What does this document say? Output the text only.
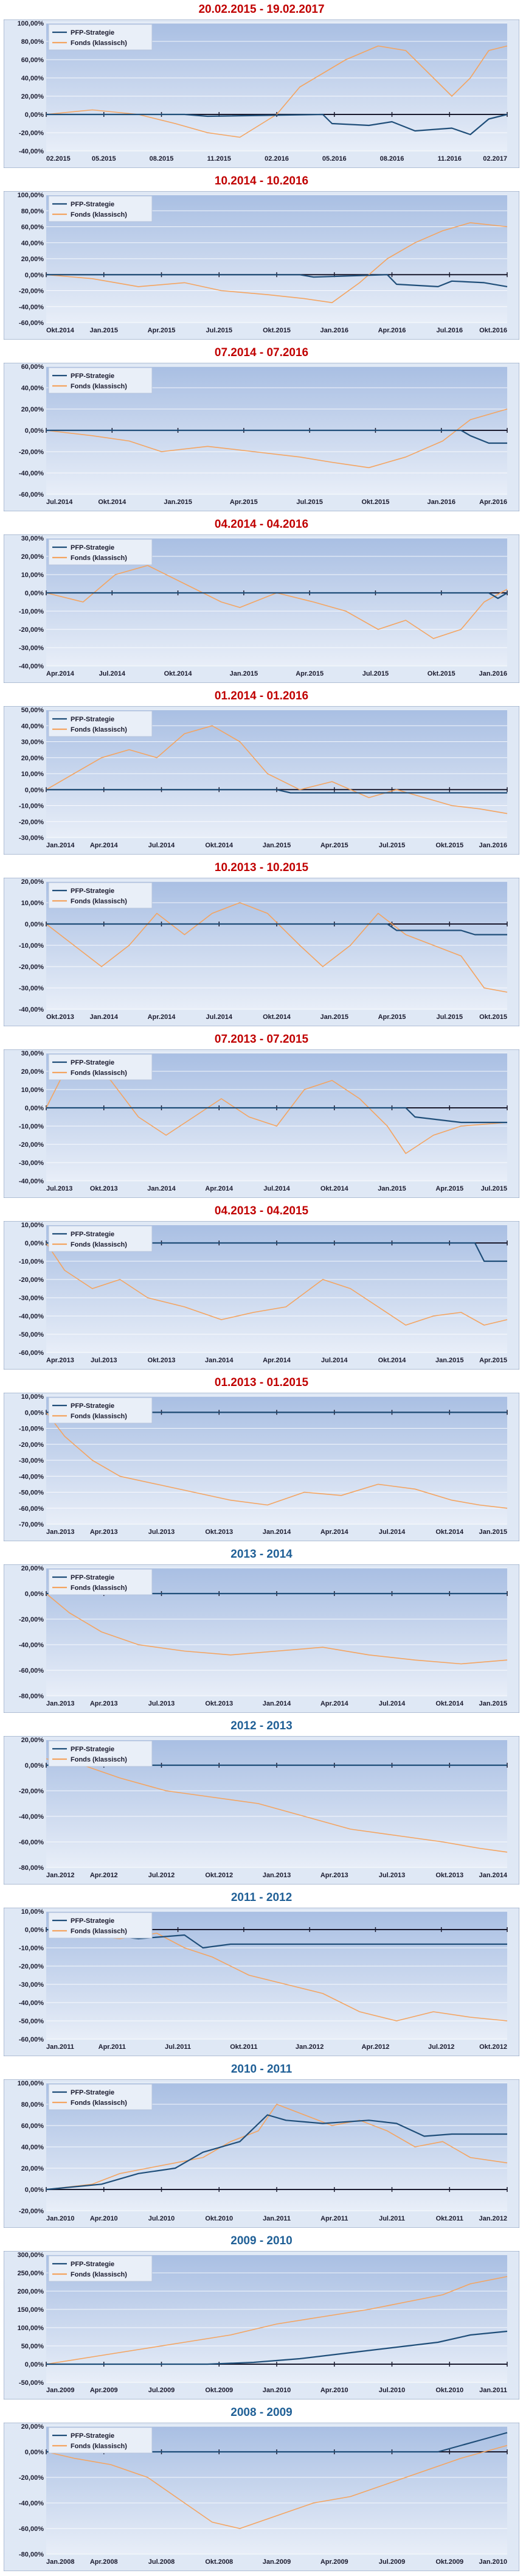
20.02.2015 - 19.02.2017
-40,00%
-20,00%
0,00%
20,00%
40,00%
60,00%
80,00%
100,00%
02.2015	05.2015	08.2015	11.2015	02.2016	05.2016	08.2016	11.2016	02.2017
PFP-Strategie
Fonds (klassisch)
10.2014 - 10.2016
-60,00%
-40,00%
-20,00%
0,00%
20,00%
40,00%
60,00%
80,00%
100,00%
Okt.2014 Jan.2015	Apr.2015	Jul.2015	Okt.2015	Jan.2016	Apr.2016	Jul.2016 Okt.2016
PFP-Strategie
Fonds (klassisch)
07.2014 - 07.2016
-60,00%
-40,00%
-20,00%
0,00%
20,00%
40,00%
60,00%
Jul.2014	Okt.2014	Jan.2015	Apr.2015	Jul.2015	Okt.2015	Jan.2016	Apr.2016
PFP-Strategie
Fonds (klassisch)
04.2014 - 04.2016
-40,00%
-30,00%
-20,00%
-10,00%
0,00%
10,00%
20,00%
30,00%
Apr.2014	Jul.2014	Okt.2014	Jan.2015	Apr.2015	Jul.2015	Okt.2015	Jan.2016
PFP-Strategie
Fonds (klassisch)
01.2014 - 01.2016
-30,00%
-20,00%
-10,00%
0,00%
10,00%
20,00%
30,00%
40,00%
50,00%
Jan.2014 Apr.2014	Jul.2014	Okt.2014	Jan.2015	Apr.2015	Jul.2015	Okt.2015 Jan.2016
PFP-Strategie
Fonds (klassisch)
10.2013 - 10.2015
-40,00%
-30,00%
-20,00%
-10,00%
0,00%
10,00%
20,00%
Okt.2013 Jan.2014	Apr.2014	Jul.2014	Okt.2014	Jan.2015	Apr.2015	Jul.2015 Okt.2015
PFP-Strategie
Fonds (klassisch)
07.2013 - 07.2015
-40,00%
-30,00%
-20,00%
-10,00%
0,00%
10,00%
20,00%
30,00%
Jul.2013	Okt.2013	Jan.2014	Apr.2014	Jul.2014	Okt.2014	Jan.2015	Apr.2015	Jul.2015
PFP-Strategie
Fonds (klassisch)
04.2013 - 04.2015
-60,00%
-50,00%
-40,00%
-30,00%
-20,00%
-10,00%
0,00%
10,00%
Apr.2013 Jul.2013	Okt.2013	Jan.2014	Apr.2014	Jul.2014	Okt.2014	Jan.2015 Apr.2015
PFP-Strategie
Fonds (klassisch)
01.2013 - 01.2015
-70,00%
-60,00%
-50,00%
-40,00%
-30,00%
-20,00%
-10,00%
0,00%
10,00%
Jan.2013 Apr.2013	Jul.2013	Okt.2013	Jan.2014	Apr.2014	Jul.2014	Okt.2014 Jan.2015
PFP-Strategie
Fonds (klassisch)
2013 - 2014
-80,00%
-60,00%
-40,00%
-20,00%
0,00%
20,00%
Jan.2013 Apr.2013	Jul.2013	Okt.2013	Jan.2014	Apr.2014	Jul.2014	Okt.2014 Jan.2015
PFP-Strategie
Fonds (klassisch)
2012 - 2013
-80,00%
-60,00%
-40,00%
-20,00%
0,00%
20,00%
Jan.2012 Apr.2012	Jul.2012	Okt.2012	Jan.2013	Apr.2013	Jul.2013	Okt.2013 Jan.2014
PFP-Strategie
Fonds (klassisch)
2011 - 2012
-60,00%
-50,00%
-40,00%
-30,00%
-20,00%
-10,00%
0,00%
10,00%
Jan.2011	Apr.2011	Jul.2011	Okt.2011	Jan.2012	Apr.2012	Jul.2012	Okt.2012
PFP-Strategie
Fonds (klassisch)
2010 - 2011
-20,00%
0,00%
20,00%
40,00%
60,00%
80,00%
100,00%
Jan.2010 Apr.2010	Jul.2010	Okt.2010	Jan.2011	Apr.2011	Jul.2011	Okt.2011 Jan.2012
PFP-Strategie
Fonds (klassisch)
2009 - 2010
-50,00%
0,00%
50,00%
100,00%
150,00%
200,00%
250,00%
300,00%
Jan.2009 Apr.2009	Jul.2009	Okt.2009	Jan.2010	Apr.2010	Jul.2010	Okt.2010 Jan.2011
PFP-Strategie
Fonds (klassisch)
2008 - 2009
-80,00%
-60,00%
-40,00%
-20,00%
0,00%
20,00%
Jan.2008 Apr.2008	Jul.2008	Okt.2008	Jan.2009	Apr.2009	Jul.2009	Okt.2009 Jan.2010
PFP-Strategie
Fonds (klassisch)
